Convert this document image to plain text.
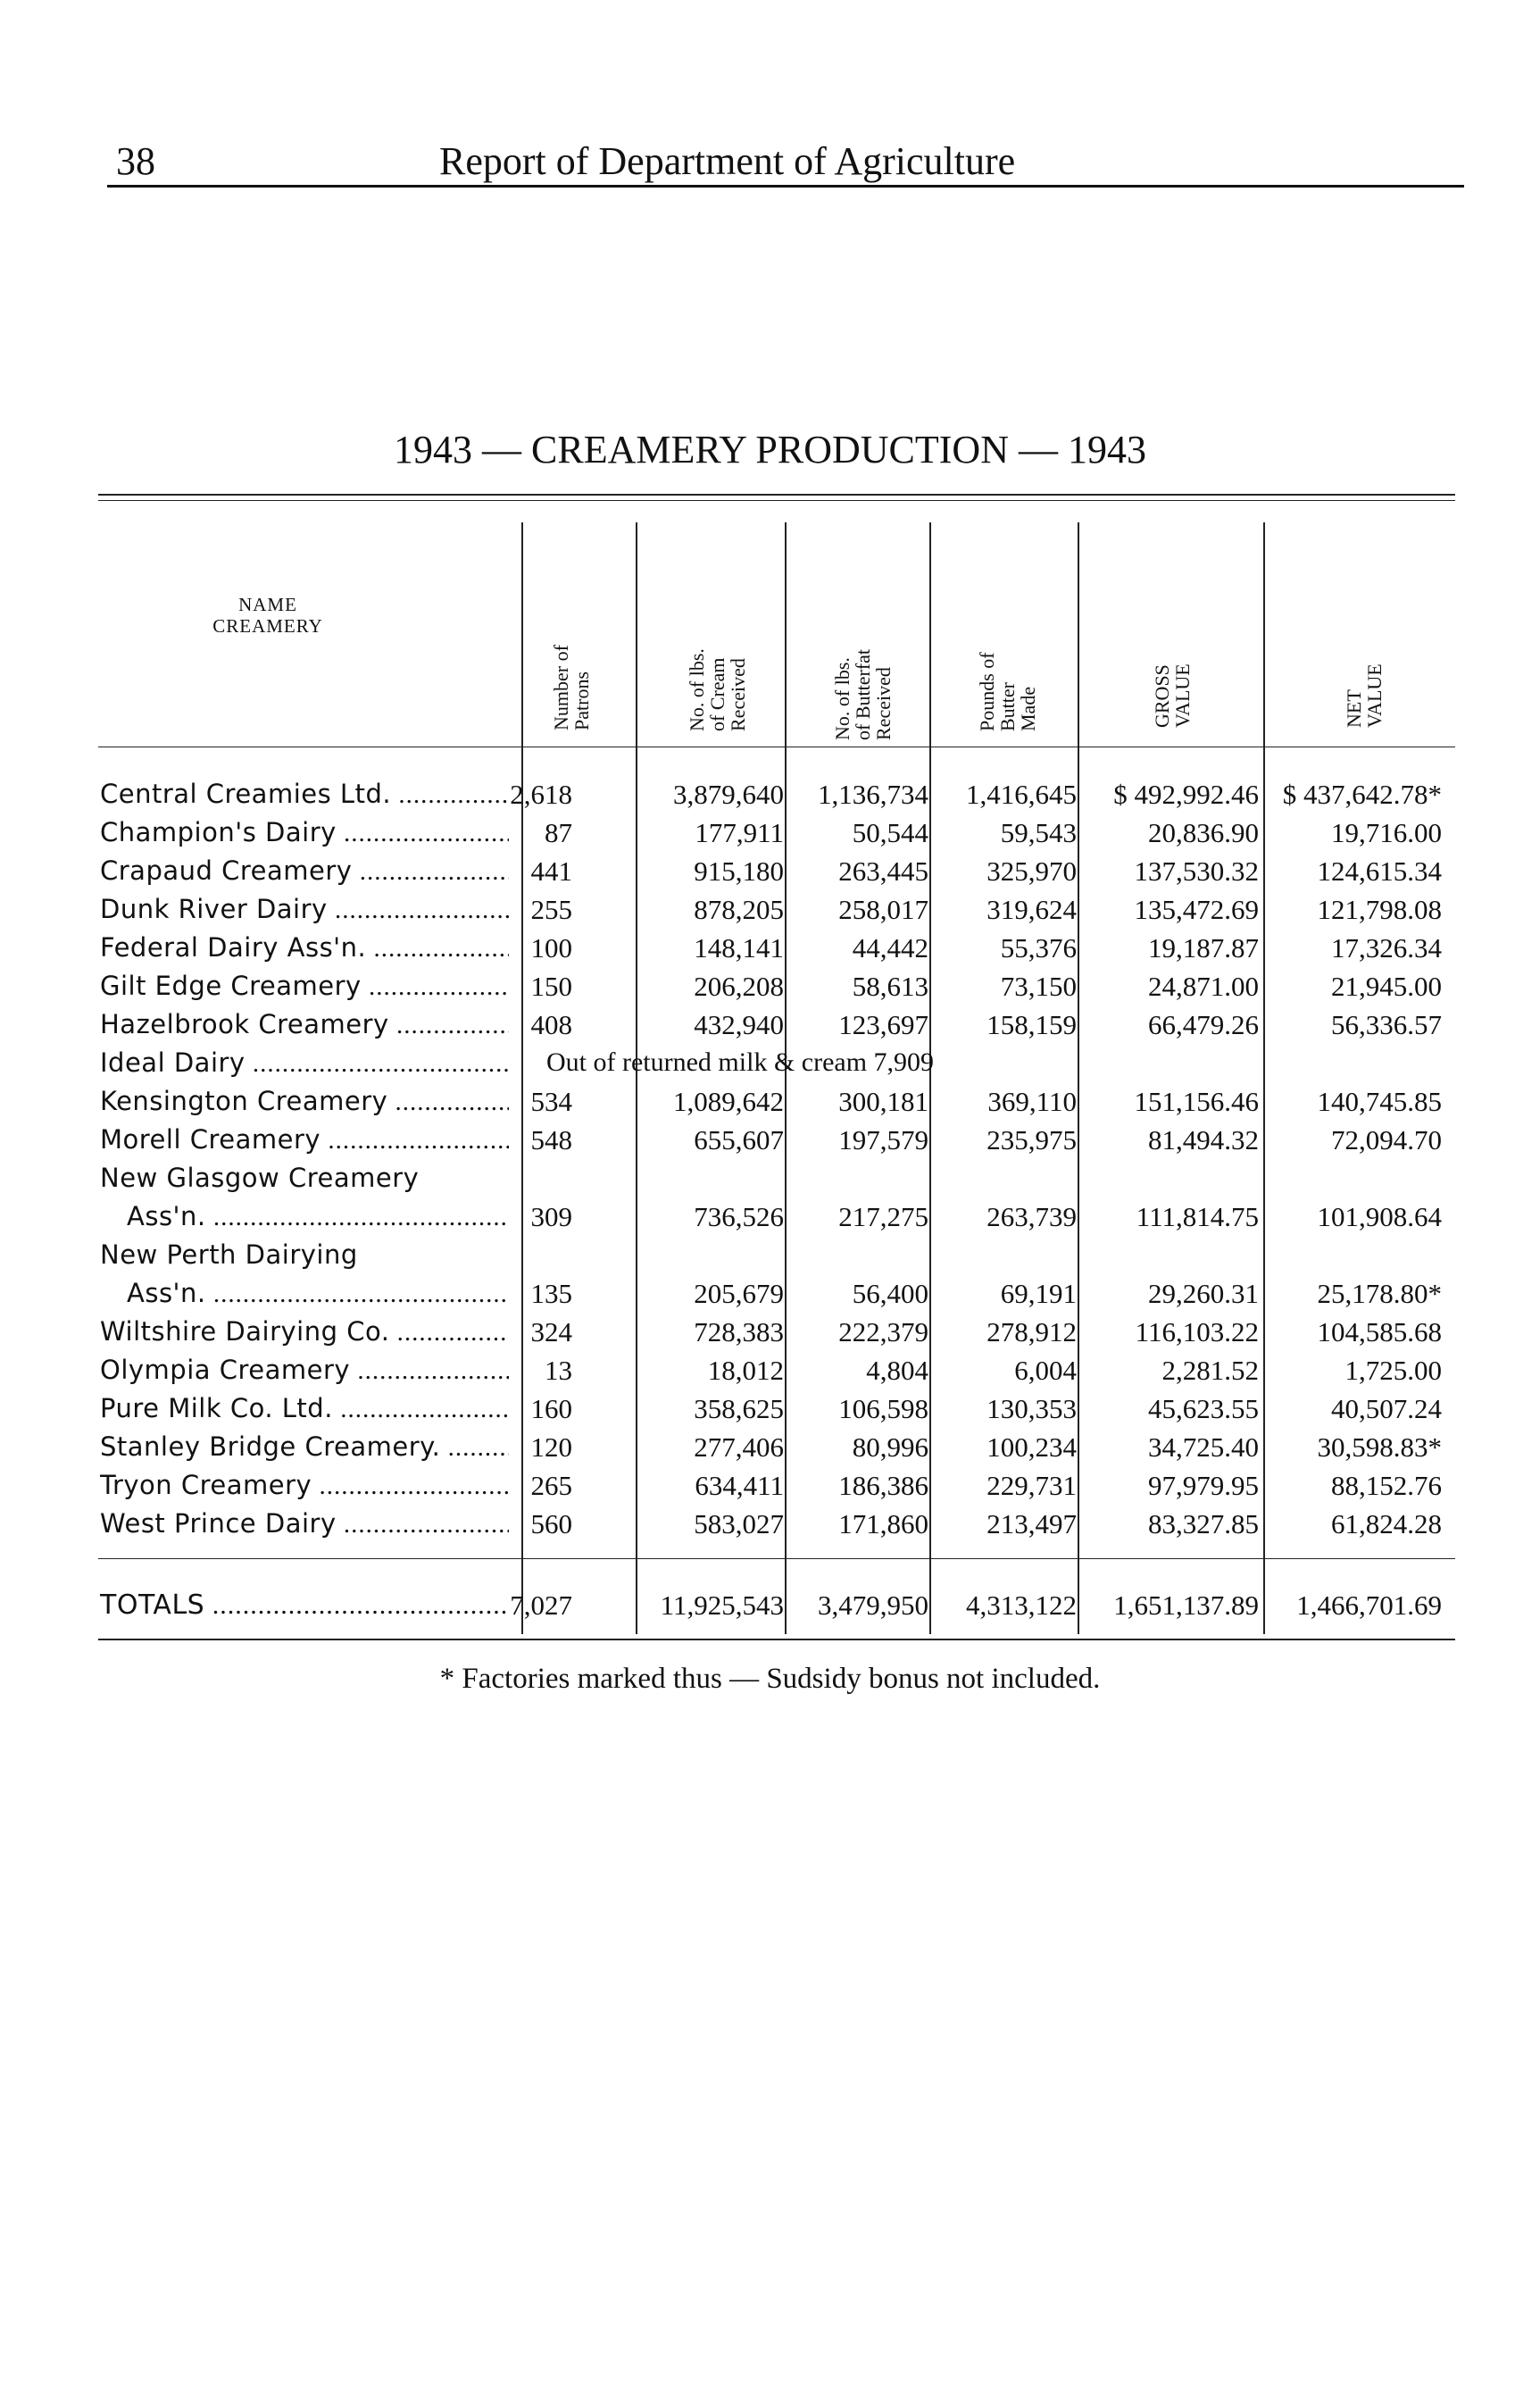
38	Report of Department of Agriculture
1943 — CREAMERY PRODUCTION — 1943
NAME
CREAMERY
Number of
Patrons	No. of lbs.
of Cream
Received	No. of lbs.
of Butterfat
Received	Pounds of
Butter
Made	GROSS
VALUE	NET
VALUE
Central Creamies Ltd. .....	2,618	3,879,640 1,136,734 1,416,645 $ 492,992.46 $ 437,642.78*
Champion's Dairy .....	87	177,911 50,544	59,543	20,836.90	19,716.00
Crapaud Creamery .....	441	915,180 263,445 325,970 137,530.32 124,615.34
Dunk River Dairy .....	255	878,205 258,017 319,624 135,472.69 121,798.08
Federal Dairy Ass'n. .....	100	148,141 44,442	55,376	19,187.87	17,326.34
Gilt Edge Creamery .....	150	206,208 58,613	73,150	24,871.00	21,945.00
Hazelbrook Creamery .....	408	432,940 123,697 158,159	66,479.26	56,336.57
Ideal Dairy .....	Out of returned milk & cream 7,909
Kensington Creamery .....	534	1,089,642 300,181 369,110 151,156.46 140,745.85
Morell Creamery .....	548	655,607 197,579 235,975	81,494.32	72,094.70
New Glasgow Creamery
Ass'n. .....	309	736,526 217,275 263,739 111,814.75 101,908.64
New Perth Dairying
Ass'n. .....	135	205,679 56,400	69,191	29,260.31 25,178.80*
Wiltshire Dairying Co. .....	324	728,383 222,379 278,912 116,103.22 104,585.68
Olympia Creamery .....	13	18,012	4,804	6,004	2,281.52	1,725.00
Pure Milk Co. Ltd. .....	160	358,625 106,598 130,353	45,623.55	40,507.24
Stanley Bridge Creamery. .....	120	277,406 80,996 100,234	34,725.40 30,598.83*
Tryon Creamery .....	265	634,411 186,386 229,731	97,979.95	88,152.76
West Prince Dairy .....	560	583,027 171,860 213,497	83,327.85	61,824.28
TOTALS .....	7,027	11,925,543 3,479,950 4,313,122 1,651,137.89 1,466,701.69
* Factories marked thus — Sudsidy bonus not included.
